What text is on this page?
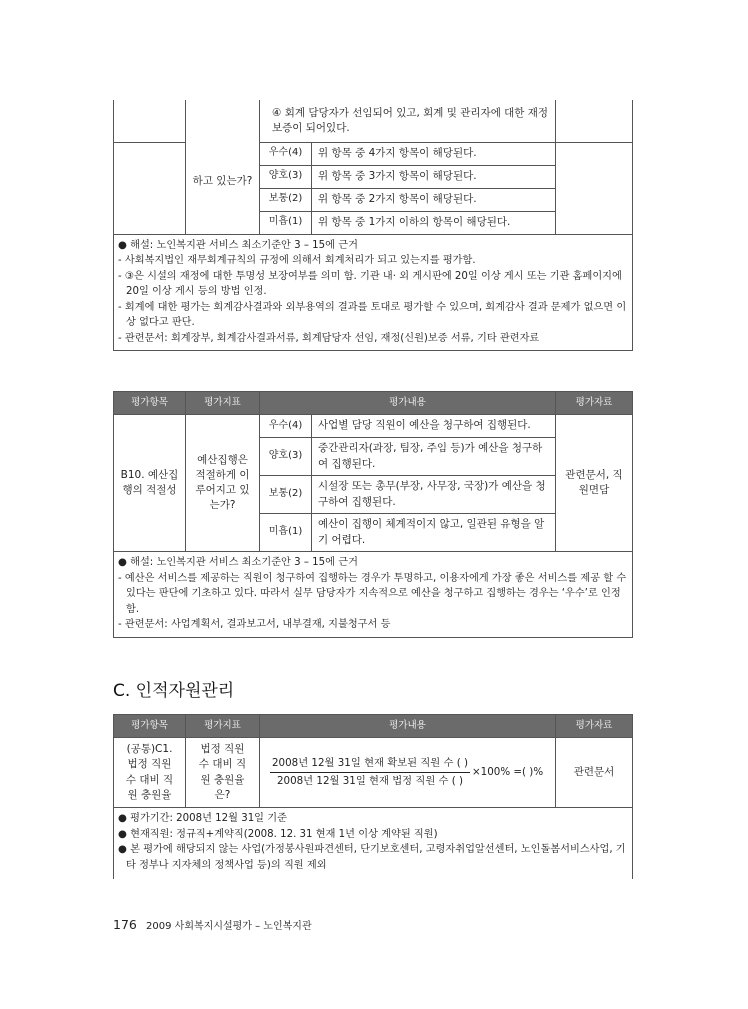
	하고 있는가?	④ 회계 담당자가 선임되어 있고, 회계 및 관리자에 대한 재정 보증이 되어있다.		
		우수(4)	위 항목 중 4가지 항목이 해당된다.	
		양호(3)	위 항목 중 3가지 항목이 해당된다.	
		보통(2)	위 항목 중 2가지 항목이 해당된다.	
		미흡(1)	위 항목 중 1가지 이하의 항목이 해당된다.	

● 해설: 노인복지관 서비스 최소기준안 3 – 15에 근거
- 사회복지법인 재무회계규칙의 규정에 의해서 회계처리가 되고 있는지를 평가함.
- ③은 시설의 재정에 대한 투명성 보장여부를 의미 함. 기관 내· 외 게시판에 20일 이상 게시 또는 기관 홈페이지에 20일 이상 게시 등의 방법 인정.
- 회계에 대한 평가는 회계감사결과와 외부용역의 결과를 토대로 평가할 수 있으며, 회계감사 결과 문제가 없으면 이상 없다고 판단.
- 관련문서: 회계장부, 회계감사결과서류, 회계담당자 선임, 재정(신원)보증 서류, 기타 관련자료				
평가항목	평가지표	평가내용		평가자료
B10. 예산집행의 적절성	예산집행은 적절하게 이루어지고 있는가?	우수(4)	사업별 담당 직원이 예산을 청구하여 집행된다.	관련문서, 직원면담
		양호(3)	중간관리자(과장, 팀장, 주임 등)가 예산을 청구하여 집행된다.	
		보통(2)	시설장 또는 총무(부장, 사무장, 국장)가 예산을 청구하여 집행된다.	
		미흡(1)	예산이 집행이 체계적이지 않고, 일관된 유형을 알기 어렵다.	

● 해설: 노인복지관 서비스 최소기준안 3 – 15에 근거
- 예산은 서비스를 제공하는 직원이 청구하여 집행하는 경우가 투명하고, 이용자에게 가장 좋은 서비스를 제공 할 수 있다는 판단에 기초하고 있다. 따라서 실무 담당자가 지속적으로 예산을 청구하고 집행하는 경우는 ‘우수’로 인정함.
- 관련문서: 사업계획서, 결과보고서, 내부결재, 지불청구서 등				
C. 인적자원관리
평가항목	평가지표	평가내용	평가자료
(공통)C1. 법정 직원 수 대비 직원 충원율	법정 직원 수 대비 직원 충원율은?	$\frac{\text{2008년 12월 31일 현재 확보된 직원 수 ( )}}{\text{2008년 12월 31일 현재 법정 직원 수 ( )}} \times 100\%$ =( )%	관련문서

● 평가기간: 2008년 12월 31일 기준
● 현재직원: 정규직+계약직(2008. 12. 31 현재 1년 이상 계약된 직원)
● 본 평가에 해당되지 않는 사업(가정봉사원파견센터, 단기보호센터, 고령자취업알선센터, 노인돌봄서비스사업, 기타 정부나 지자체의 정책사업 등)의 직원 제외			
176 2009 사회복지시설평가 – 노인복지관
